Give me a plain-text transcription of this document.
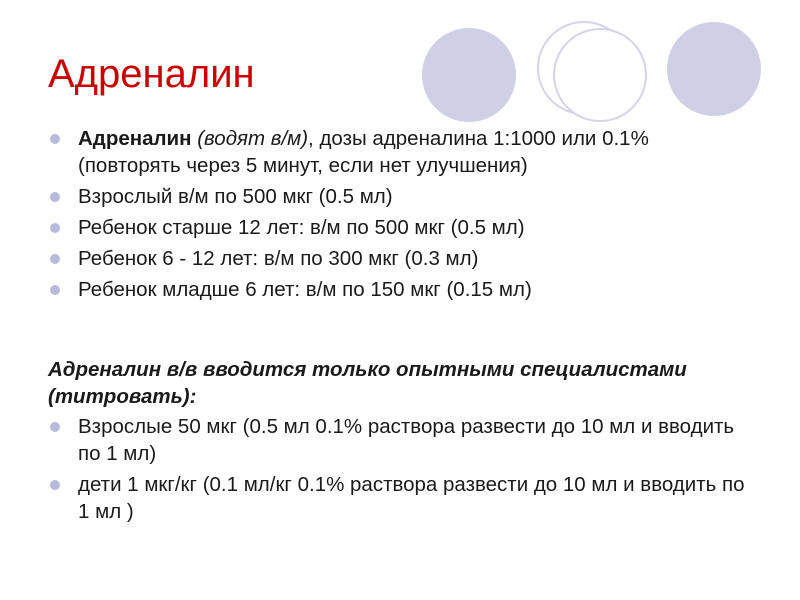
Адреналин
Адреналин (водят в/м), дозы адреналина 1:1000 или 0.1% (повторять через 5 минут, если нет улучшения)
Взрослый в/м по 500 мкг (0.5 мл)
Ребенок старше 12 лет: в/м по 500 мкг (0.5 мл)
Ребенок 6 - 12 лет: в/м по 300 мкг (0.3 мл)
Ребенок младше 6 лет: в/м по 150 мкг (0.15 мл)

Адреналин в/в вводится только опытными специалистами (титровать):

Взрослые 50 мкг (0.5 мл 0.1% раствора развести до 10 мл и вводить по 1 мл)
дети 1 мкг/кг (0.1 мл/кг 0.1% раствора развести до 10 мл и вводить по 1 мл )
